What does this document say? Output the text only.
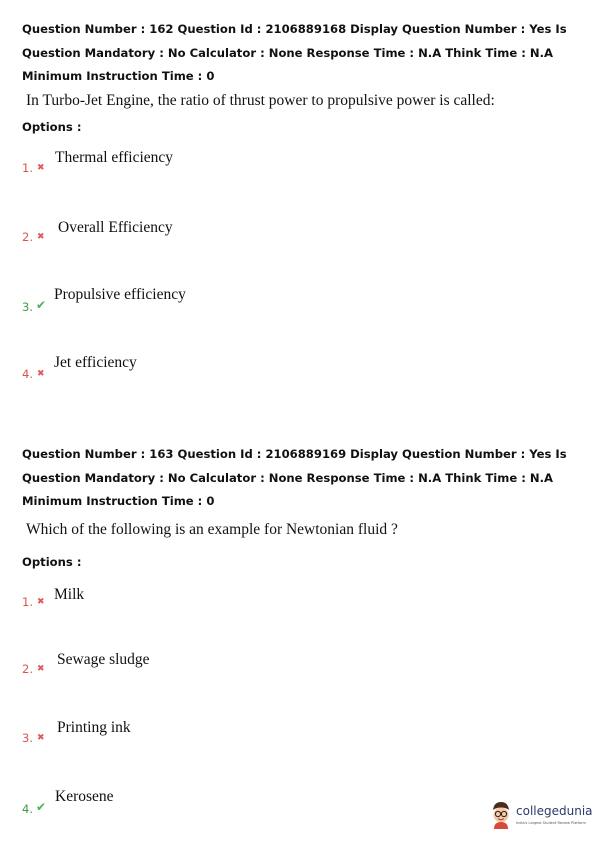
Question Number : 162 Question Id : 2106889168 Display Question Number : Yes Is Question Mandatory : No Calculator : None Response Time : N.A Think Time : N.A Minimum Instruction Time : 0
In Turbo-Jet Engine, the ratio of thrust power to propulsive power is called:
Options :
1. ✖
Thermal efficiency
2. ✖
Overall Efficiency
3. ✔
Propulsive efficiency
4. ✖
Jet efficiency
Question Number : 163 Question Id : 2106889169 Display Question Number : Yes Is Question Mandatory : No Calculator : None Response Time : N.A Think Time : N.A Minimum Instruction Time : 0
Which of the following is an example for Newtonian fluid ?
Options :
1. ✖ Milk
2. ✖
Sewage sludge
3. ✖
Printing ink
4. ✔
Kerosene
collegedunia
India's Largest Student Review Platform
